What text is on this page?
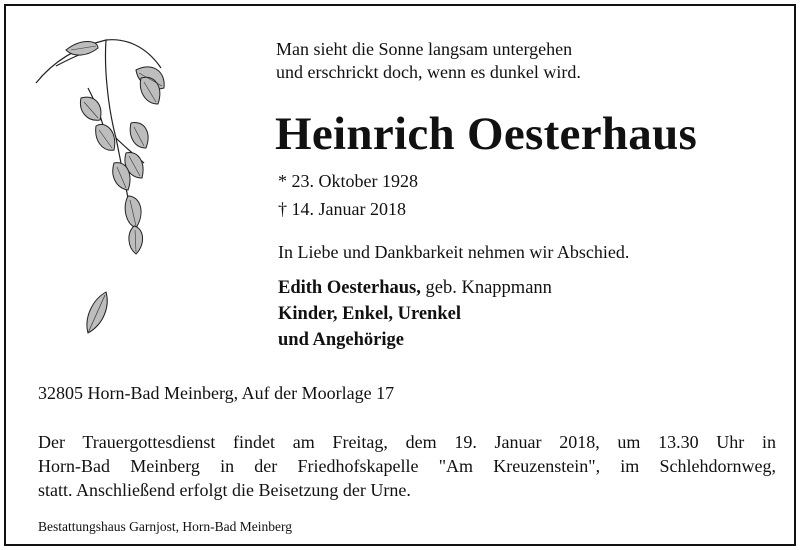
Man sieht die Sonne langsam untergehen
und erschrickt doch, wenn es dunkel wird.
Heinrich Oesterhaus
* 23. Oktober 1928
† 14. Januar 2018
In Liebe und Dankbarkeit nehmen wir Abschied.
Edith Oesterhaus, geb. Knappmann
Kinder, Enkel, Urenkel
und Angehörige
32805 Horn-Bad Meinberg, Auf der Moorlage 17
Der Trauergottesdienst findet am Freitag, dem 19. Januar 2018, um 13.30 Uhr in
Horn-Bad Meinberg in der Friedhofskapelle "Am Kreuzenstein", im Schlehdornweg,
statt. Anschließend erfolgt die Beisetzung der Urne.
Bestattungshaus Garnjost, Horn-Bad Meinberg
